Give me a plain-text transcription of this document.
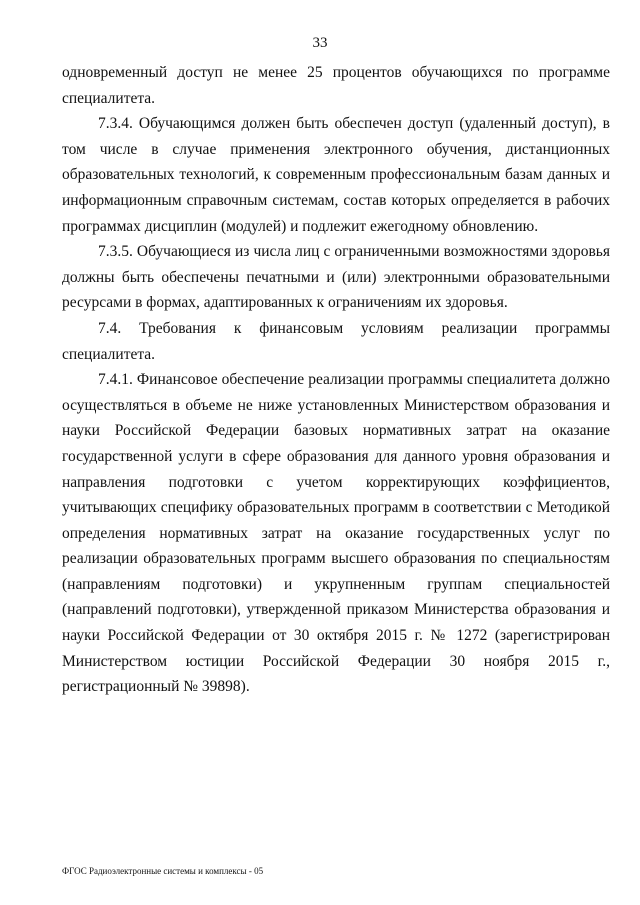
33

одновременный доступ не менее 25 процентов обучающихся по программе специалитета.

7.3.4. Обучающимся должен быть обеспечен доступ (удаленный доступ), в том числе в случае применения электронного обучения, дистанционных образовательных технологий, к современным профессиональным базам данных и информационным справочным системам, состав которых определяется в рабочих программах дисциплин (модулей) и подлежит ежегодному обновлению.

7.3.5. Обучающиеся из числа лиц с ограниченными возможностями здоровья должны быть обеспечены печатными и (или) электронными образовательными ресурсами в формах, адаптированных к ограничениям их здоровья.

7.4. Требования к финансовым условиям реализации программы специалитета.

7.4.1. Финансовое обеспечение реализации программы специалитета должно осуществляться в объеме не ниже установленных Министерством образования и науки Российской Федерации базовых нормативных затрат на оказание государственной услуги в сфере образования для данного уровня образования и направления подготовки с учетом корректирующих коэффициентов, учитывающих специфику образовательных программ в соответствии с Методикой определения нормативных затрат на оказание государственных услуг по реализации образовательных программ высшего образования по специальностям (направлениям подготовки) и укрупненным группам специальностей (направлений подготовки), утвержденной приказом Министерства образования и науки Российской Федерации от 30 октября 2015 г. № 1272 (зарегистрирован Министерством юстиции Российской Федерации 30 ноября 2015 г., регистрационный № 39898).

ФГОС Радиоэлектронные системы и комплексы - 05
